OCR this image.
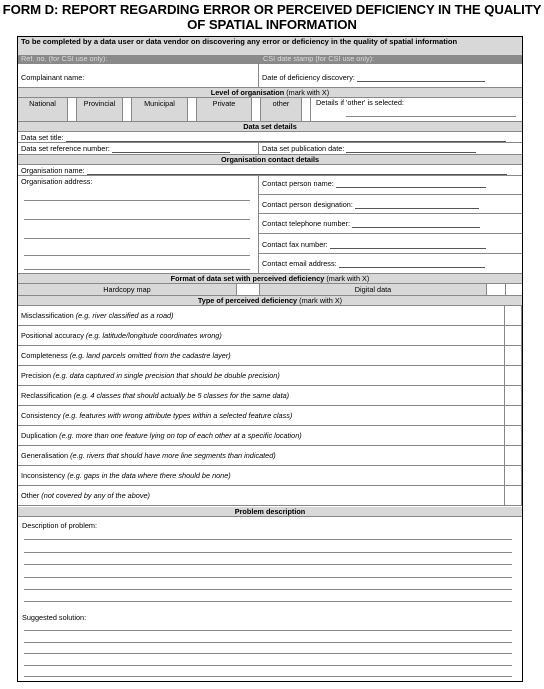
FORM D: REPORT REGARDING ERROR OR PERCEIVED DEFICIENCY IN THE QUALITY
OF SPATIAL INFORMATION
To be completed by a data user or data vendor on discovering any error or deficiency in the quality of spatial information
Ref. no. (for CSI use only):	CSI date stamp (for CSI use only):
Complainant name:	Date of deficiency discovery:
Level of organisation (mark with X)
National	Provincial	Municipal	Private	other	Details if 'other' is selected:
Data set details
Data set title:
Data set reference number:	Data set publication date:
Organisation contact details
Organisation name:
Organisation address:	Contact person name:
Contact person designation:
Contact telephone number:
Contact fax number:
Contact email address:
Format of data set with perceived deficiency (mark with X)
Hardcopy map	Digital data
Type of perceived deficiency (mark with X)
Misclassification (e.g. river classified as a road)
Positional accuracy (e.g. latitude/longitude coordinates wrong)
Completeness (e.g. land parcels omitted from the cadastre layer)
Precision (e.g. data captured in single precision that should be double precision)
Reclassification (e.g. 4 classes that should actually be 5 classes for the same data)
Consistency (e.g. features with wrong attribute types within a selected feature class)
Duplication (e.g. more than one feature lying on top of each other at a specific location)
Generalisation (e.g. rivers that should have more line segments than indicated)
Inconsistency (e.g. gaps in the data where there should be none)
Other (not covered by any of the above)
Problem description
Description of problem:
Suggested solution:
